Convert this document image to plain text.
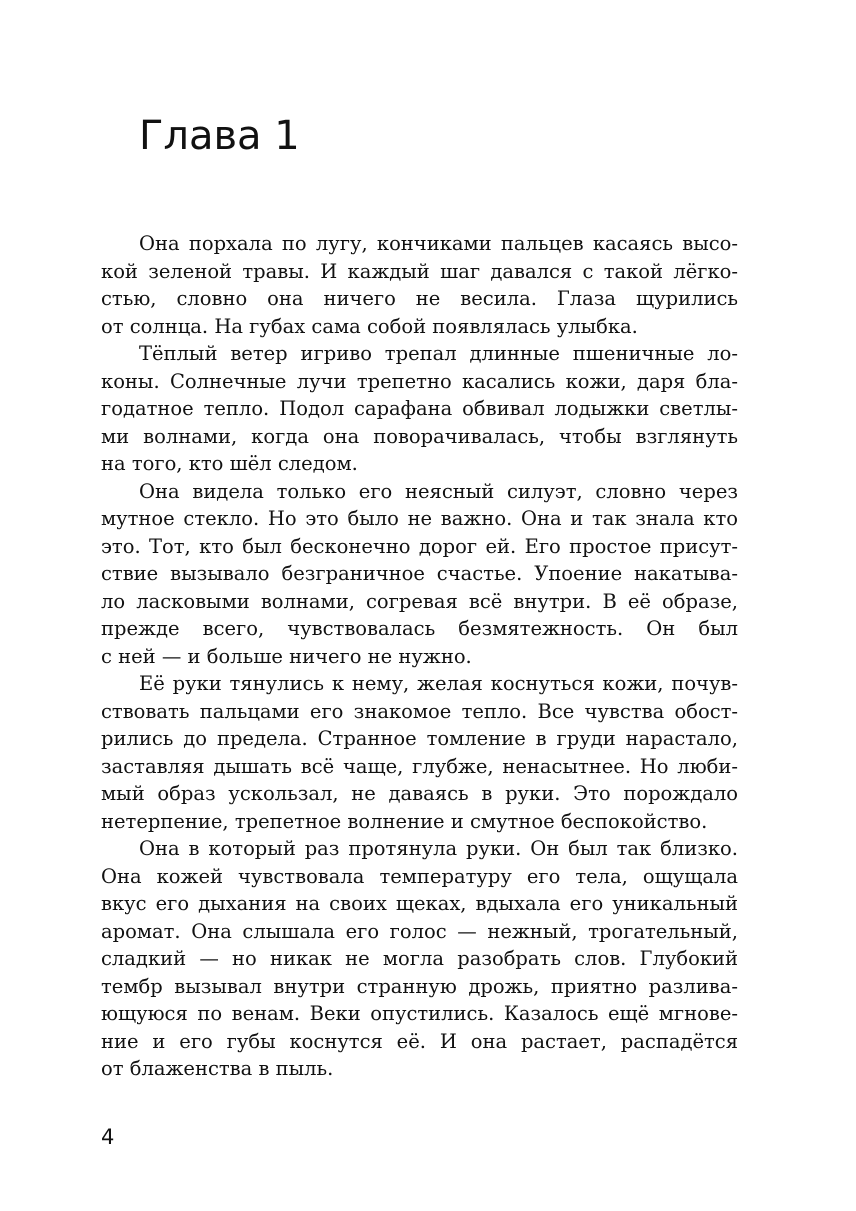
Глава 1
Она порхала по лугу, кончиками пальцев касаясь высо-
кой зеленой травы. И каждый шаг давался с такой лёгко-
стью, словно она ничего не весила. Глаза щурились
от солнца. На губах сама собой появлялась улыбка.
Тёплый ветер игриво трепал длинные пшеничные ло-
коны. Солнечные лучи трепетно касались кожи, даря бла-
годатное тепло. Подол сарафана обвивал лодыжки светлы-
ми волнами, когда она поворачивалась, чтобы взглянуть
на того, кто шёл следом.
Она видела только его неясный силуэт, словно через
мутное стекло. Но это было не важно. Она и так знала кто
это. Тот, кто был бесконечно дорог ей. Его простое присут-
ствие вызывало безграничное счастье. Упоение накатыва-
ло ласковыми волнами, согревая всё внутри. В её образе,
прежде всего, чувствовалась безмятежность. Он был
с ней — и больше ничего не нужно.
Её руки тянулись к нему, желая коснуться кожи, почув-
ствовать пальцами его знакомое тепло. Все чувства обост-
рились до предела. Странное томление в груди нарастало,
заставляя дышать всё чаще, глубже, ненасытнее. Но люби-
мый образ ускользал, не даваясь в руки. Это порождало
нетерпение, трепетное волнение и смутное беспокойство.
Она в который раз протянула руки. Он был так близко.
Она кожей чувствовала температуру его тела, ощущала
вкус его дыхания на своих щеках, вдыхала его уникальный
аромат. Она слышала его голос — нежный, трогательный,
сладкий — но никак не могла разобрать слов. Глубокий
тембр вызывал внутри странную дрожь, приятно разлива-
ющуюся по венам. Веки опустились. Казалось ещё мгнове-
ние и его губы коснутся её. И она растает, распадётся
от блаженства в пыль.
4
